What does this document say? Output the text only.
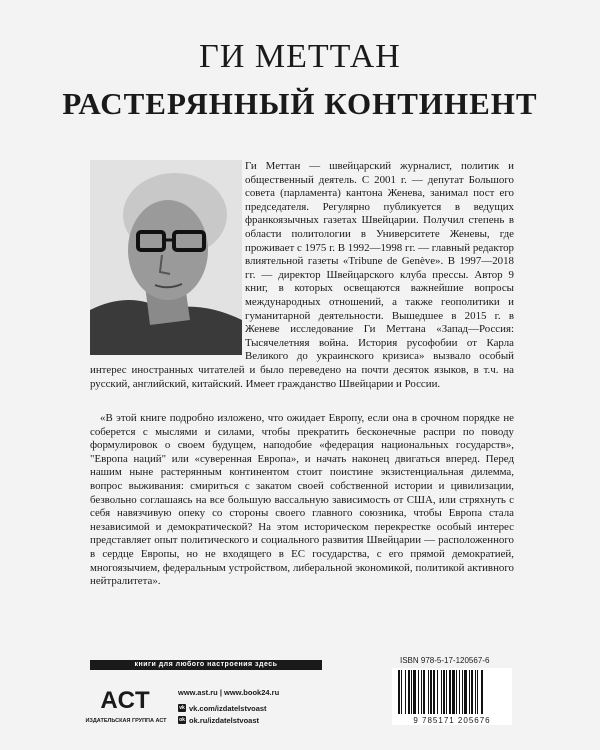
ГИ МЕТТАН
РАСТЕРЯННЫЙ КОНТИНЕНТ

Ги Меттан — швейцарский журналист, политик и общественный деятель. С 2001 г. — депутат Большого совета (парламента) кантона Женева, занимал пост его председателя. Регулярно публикуется в ведущих франкоязычных газетах Швейцарии. Получил степень в области политологии в Университете Женевы, где проживает с 1975 г. В 1992—1998 гг. — главный редактор влиятельной газеты «Tribune de Genève». В 1997—2018 гг. — директор Швейцарского клуба прессы. Автор 9 книг, в которых освещаются важнейшие вопросы международных отношений, а также геополитики и гуманитарной деятельности. Вышедшее в 2015 г. в Женеве исследование Ги Меттана «Запад—Россия: Тысячелетняя война. История русофобии от Карла Великого до украинского кризиса» вызвало особый интерес иностранных читателей и было переведено на почти десяток языков, в т.ч. на русский, английский, китайский. Имеет гражданство Швейцарии и России.

«В этой книге подробно изложено, что ожидает Европу, если она в срочном порядке не соберется с мыслями и силами, чтобы прекратить бесконечные распри по поводу формулировок о своем будущем, наподобие «федерация национальных государств», "Европа наций" или «суверенная Европа», и начать наконец двигаться вперед. Перед нашим ныне растерянным континентом стоит поистине экзистенциальная дилемма, вопрос выживания: смириться с закатом своей собственной истории и цивилизации, безвольно соглашаясь на все большую вассальную зависимость от США, или стряхнуть с себя навязчивую опеку со стороны своего главного союзника, чтобы Европа стала независимой и демократической? На этом историческом перекрестке особый интерес представляет опыт политического и социального развития Швейцарии — расположенного в сердце Европы, но не входящего в ЕС государства, с его прямой демократией, многоязычием, федеральным устройством, либеральной экономикой, политикой активного нейтралитета».

книги для любого настроения здесь
ACT
ИЗДАТЕЛЬСКАЯ ГРУППА АСТ
www.ast.ru | www.book24.ru
vk vk.com/izdatelstvoast
ok ok.ru/izdatelstvoast
ISBN 978-5-17-120567-6
9 785171 205676
